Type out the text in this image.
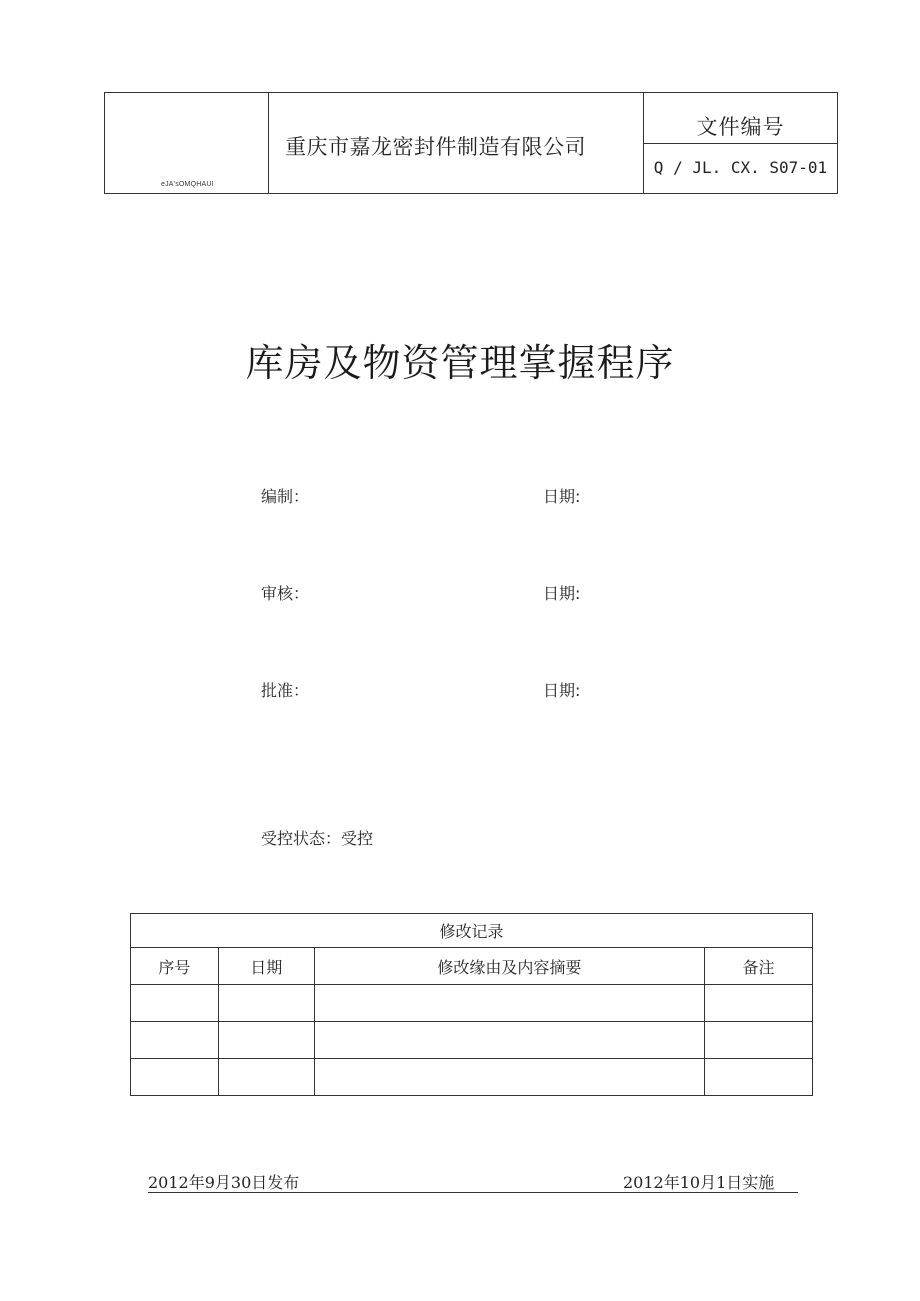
eJA'sOMQHAUI
重庆市嘉龙密封件制造有限公司
文件编号
Q / JL. CX. S07-01
库房及物资管理掌握程序
编制：	日期:
审核：	日期:
批准：	日期:
受控状态：受控
修改记录			
序号	日期	修改缘由及内容摘要	备注

2012年9月30日发布	2012年10月1日实施
